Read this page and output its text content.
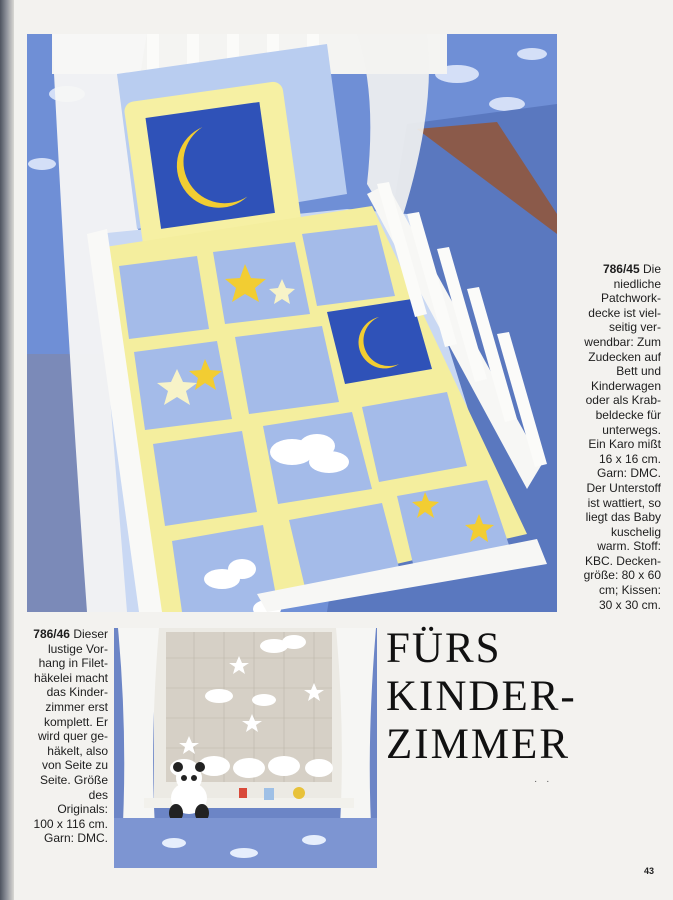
786/45 Die
niedliche
Patchwork-
decke ist viel-
seitig ver-
wendbar: Zum
Zudecken auf
Bett und
Kinderwagen
oder als Krab-
beldecke für
unterwegs.
Ein Karo mißt
16 x 16 cm.
Garn: DMC.
Der Unterstoff
ist wattiert, so
liegt das Baby
kuschelig
warm. Stoff:
KBC. Decken-
größe: 80 x 60
cm; Kissen:
30 x 30 cm.
786/46 Dieser
lustige Vor-
hang in Filet-
häkelei macht
das Kinder-
zimmer erst
komplett. Er
wird quer ge-
häkelt, also
von Seite zu
Seite. Größe
des
Originals:
100 x 116 cm.
Garn: DMC.
FÜRS
KINDER-
ZIMMER
· ·
43
